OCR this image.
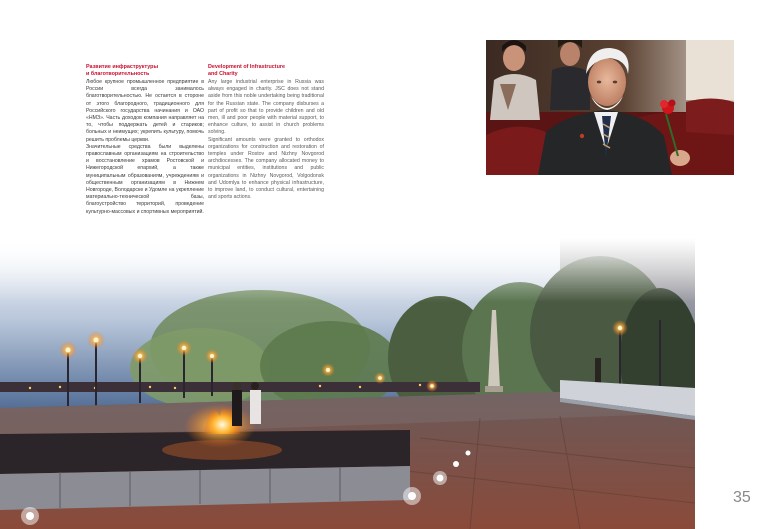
Развитие инфраструктуры
и благотворительность

Любое крупное промышленное предприятие в России всегда занималось благотворительностью. Не остается в стороне от этого благородного, традиционного для Российского государства начинания и ОАО «НМЗ». Часть доходов компания направляет на то, чтобы поддержать детей и стариков; больных и неимущих; укрепить культуру, помочь решить проблемы церкви.

Значительные средства были выделены православным организациям на строительство и восстановление храмов Ростовской и Нижегородской епархий, а также муниципальным образованиям, учреждениям и общественным организациям в Нижнем Новгороде, Володарске и Удомле на укрепление материально-технической базы, благоустройство территорий, проведение культурно-массовых и спортивных мероприятий.

Development of Infrastructure
and Charity

Any large industrial enterprise in Russia was always engaged in charity. JSC does not stand aside from this noble undertaking being traditional for the Russian state. The company disburses a part of profit so that to provide children and old men, ill and poor people with material support, to enhance culture, to assist in church problems solving.

Significant amounts were granted to orthodox organizations for construction and restoration of temples under Rostov and Nizhny Novgorod archdiocesses. The company allocated money to municipal entities, institutions and public organizations in Nizhny Novgorod, Volgodonsk and Udomlya to enhance physical infrastructure, to improve land, to conduct cultural, entertaining and sports actions.

35
